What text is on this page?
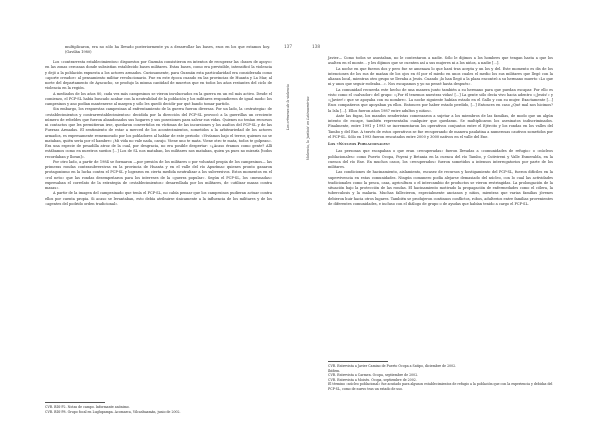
multiplicaron, era no sólo ha llevado posteriormente ya a desarrollar las bases, esos en los que estamos hoy. (Gavilán 1980)

Los «contrarresta establecimientos» dispuestos por Guzmán consistieron en intentos de recuperar las «bases de apoyo» en las zonas cercanas donde subsistían establecido bases militares. Estas bases, como era previsible, intensificó la violencia y dejó a la población expuesta a los actores armados. Curiosamente, para Guzmán esta particularidad era considerada como «aporte creador» al pensamiento militar revolucionario. Fue en este época cuando en las provincias de Huanta y La Mar, al norte del departamento de Ayacucho, se produjo la misma cantidad de muertos que en todos los años restantes del ciclo de violencia en la región.

A mediados de los años 80, cada vez más campesinos se vieron involucrados en la guerra en un rol más activo. Desde el comienzo, el PCP-SL había buscado acabar con la neutralidad de la población y los militares respondieron de igual modo: los campesinos y ano podían mantenerse al margen y sólo les quedó decidir por qué bando tomar partido.

Sin embargo, los respuestas campesinas al enfrentamiento de la guerra fueron diversas. Por un lado, la «estrategia» de «establecimientos y contrarrestablecimientos» decidida por la dirección del PCP-SL provocó a la guerrillas un creciente número de rebeldes que fueron abandonados sus hogares y sus posesiones para salvar sus vidas. Quienes no tenían recursos ni contactos que les permitieran irse, quedaron convertidos en víctimas de las incursiones y los asaltos del PCP-SL y de las Fuerzas Armadas. El sentimiento de estar a merced de los acontecimientos, sometidos a la arbitrariedad de los actores armados, es expresamente rememorado por los pobladores al hablar de este periodo: «Vivíamos bajo el terror, quienes no se mataban, quién sería por el hambre» ¡Mi vida no vale nada, carajo. Viene uno te mata. Viene otro te mata, todos te golpean». Era una especie de pesadilla atroz de la cual, por desgracia, no era posible despertar: «¿Acaso éramos como gente? Allí estábamos como en nuestros sueños [...] Los de SL nos mataban, los militares nos mataban, quien ya pues no miraría [todos recordaban y lloran]».

Por otro lado, a partir de 1984 se formaron —por presión de los militares o por voluntad propia de los campesinos— las primeras rondas contrasubversivas en la provincia de Huanta y en el valle del río Apurímac quienes pronto ganaron protagonismo en la lucha contra el PCP-SL y lograron en cierta medida neutralizar a los subversivos. Estos momentos en el «rol neto» que las rondas desempeñaron para los intereses de la «guerra popular». Según el PCP-SL, los «mesnadas» expresaban el correlato de la estrategia de «establecimientos» desarrollada por los militares, de «utilizar masas contra masas».

A partir de la imagen del campesinado que tenía el PCP-SL, no cabía pensar que los campesinos pudieran actuar contra ellos por cuenta propia. Si acaso se levantaban, esto debía atribuirse únicamente a la influencia de los militares y de los «agentes del podrido orden tradicional».

CVR. BDI-P2. Notas de campo. Informante anónimo.

CVR. BDI-P8. Grupo focal en Luglupampa. Acomarca, Vilcashuamán, junio de 2002.

137
Los crímenes de la violencia
138
Violencia, la 'justicia' en Latinoamérica

Javier— Como todos se asustaban, no le contestaron a nadie. Sólo le dijimos a los hombres que tengan hasta a que los asalten en el monte… y les dijimos que se cuenten así a sus mujeres ni a los niños, a nadie […].

La noche en que fueron dos y pero fue se amenaza lo que hará tras acepta y un los y del. Este momento es dis de los intenciones de los sus de mañan de los ojos en él por el miedo en unos cuales el medio los sus militares que llegó con la alianza local, mientras otro grupo se llevaba a Jesús. Cuando ¡lo han llegó a la plaza encontró a su hermano muerto «Lo que ni y unos que seguir rodeaba...». Nos escapamos y yo no pensé hasta después».

La comunidad recuerda este hecho de una manera junto también a su hermano para que puedan escapar. Por ello es visto como el «salvador» del grupo: «¡Por él tenemos nuestras vidas! [...] La gente sólo decía vivo hacia adentro «¡Jesús!» y «¡Javier!» que se apoyaba con su nombre». La noche siguiente habían estado en el Gallo y con su mujer. Exactamente […] Esos compañeros que apoyaban ya ellos. Entonces por haber estado perdido, [...] Entonces en caso ¿Qué mal nos hicimos? la Isla […]. Ellos fueron años 1987 entre adultos y niños».

Ante las fugas, los mandos senderistas comenzaron a sujetar a los miembros de las familias, de modo que un algún intento de escape, también representaba cualquier que quedaran. Se multiplicaron los asesinatos indiscriminados. Finalmente, entre 1991 y 1993 se incrementaron los operativos conjuntos entre el Ejército y los rondas en los valles del Tambo y del Ene. A través de estos operativos se fue recuperando de manera paulatina a numerosas cautivos sometidos por el PCP-SL. Sólo en 1993 fueron rescatados entre 2000 y 3000 nativos en el valle del Ene.

Los «Núcleos Poblacionales»

Las personas que escapaban o que eran «recuperadas» fueron llevadas a «comunidades de refugio» o «núcleos poblacionales» como Puerto Ocopa, Poyeni y Betania en la cuenca del río Tambo, y Cutivireni y Valle Esmeralda, en la cuenca del río Ene. En muchos casos, los «recuperados» fueron sometidos a intensos interrogatorios por parte de los militares.

Las condiciones de hacinamiento, aislamiento, escasez de recursos y hostigamiento del PCP-SL, fueron difíciles en la supervivencia en estas comunidades. Ningún comunero podía alejarse demasiado del núcleo, con lo cual las actividades tradicionales como la pesca, caza, agricultura o el intercambio de productos se vieron restringidas. La prolongación de la situación bajo la protección de las rondas. El hacinamiento motivado la propagación de enfermedades como el cólera, la tuberculosis y la malaria. Muchas fallecieron, especialmente ancianos y niños, mientras que varias familias jóvenes debieron huir hacia otros lugares. También se produjeron continuos conflictos, robos, adulterios entre familias provenientes de diferentes comunidades, e incluso con el diálogo de grupo o de ayudas que habían tenido a cargo el PCP-SL.

CVR. Entrevista a Javier Camino de Puerto Ocopa a Satipo, diciembre de 2002.

Ibídem.

CVR. Entrevista a Carmen. Ocopa, septiembre de 2002.

CVR. Entrevista a Moisés. Ocopa, septiembre de 2002.

El término «núcleo poblacional» fue acuñado para algunos establecimientos de refugio a la población que con la experiencia y debidas del PCP-SL, como de nuevo tras un estado de uso.
